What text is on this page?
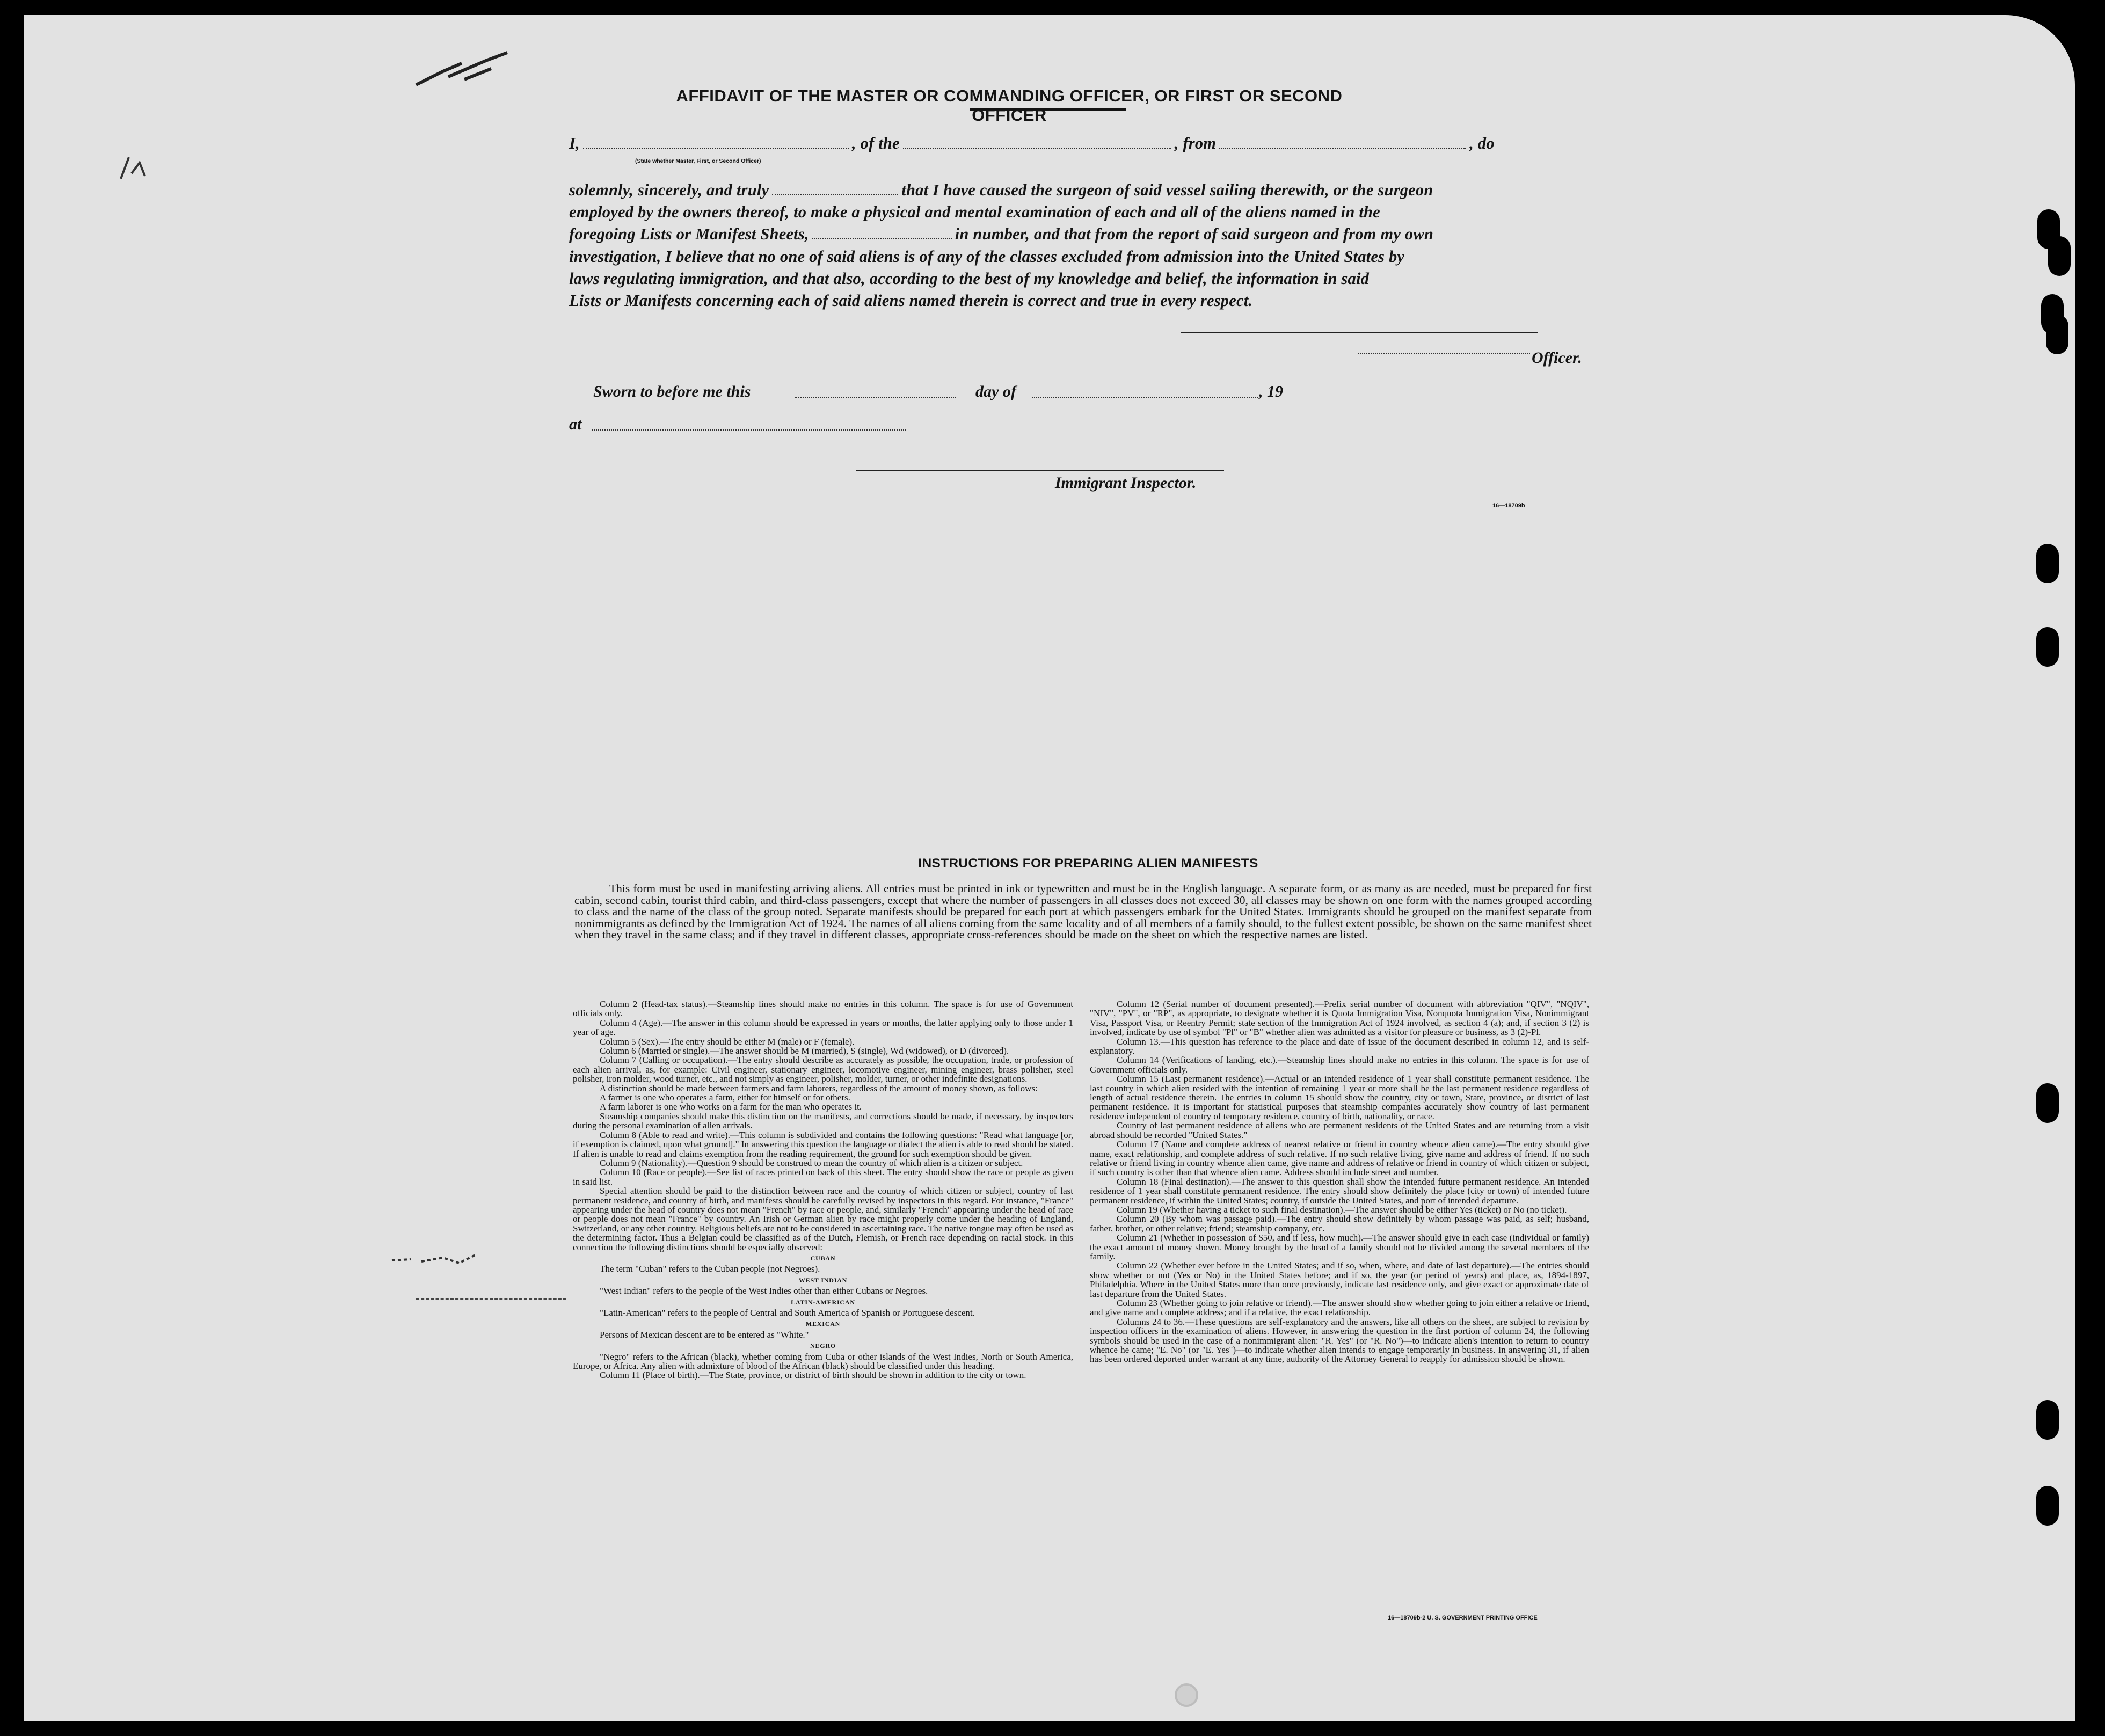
AFFIDAVIT OF THE MASTER OR COMMANDING OFFICER, OR FIRST OR SECOND OFFICER
I,	, of the	, from	, do
(State whether Master, First, or Second Officer)
solemnly, sincerely, and truly	that I have caused the surgeon of said vessel sailing therewith, or the surgeon
employed by the owners thereof, to make a physical and mental examination of each and all of the aliens named in the
foregoing Lists or Manifest Sheets,	in number, and that from the report of said surgeon and from my own
investigation, I believe that no one of said aliens is of any of the classes excluded from admission into the United States by
laws regulating immigration, and that also, according to the best of my knowledge and belief, the information in said
Lists or Manifests concerning each of said aliens named therein is correct and true in every respect.
Officer.
Sworn to before me this	day of	, 19
at
Immigrant Inspector.
16—18709b
INSTRUCTIONS FOR PREPARING ALIEN MANIFESTS
This form must be used in manifesting arriving aliens. All entries must be printed in ink or typewritten and must be in the English language. A separate form, or as many as are needed, must be prepared for first cabin, second cabin, tourist third cabin, and third-class passengers, except that where the number of passengers in all classes does not exceed 30, all classes may be shown on one form with the names grouped according to class and the name of the class of the group noted. Separate manifests should be prepared for each port at which passengers embark for the United States. Immigrants should be grouped on the manifest separate from nonimmigrants as defined by the Immigration Act of 1924. The names of all aliens coming from the same locality and of all members of a family should, to the fullest extent possible, be shown on the same manifest sheet when they travel in the same class; and if they travel in different classes, appropriate cross-references should be made on the sheet on which the respective names are listed.

Column 2 (Head-tax status).—Steamship lines should make no entries in this column. The space is for use of Government officials only.

Column 4 (Age).—The answer in this column should be expressed in years or months, the latter applying only to those under 1 year of age.

Column 5 (Sex).—The entry should be either M (male) or F (female).

Column 6 (Married or single).—The answer should be M (married), S (single), Wd (widowed), or D (divorced).

Column 7 (Calling or occupation).—The entry should describe as accurately as possible, the occupation, trade, or profession of each alien arrival, as, for example: Civil engineer, stationary engineer, locomotive engineer, mining engineer, brass polisher, steel polisher, iron molder, wood turner, etc., and not simply as engineer, polisher, molder, turner, or other indefinite designations.

A distinction should be made between farmers and farm laborers, regardless of the amount of money shown, as follows:

A farmer is one who operates a farm, either for himself or for others.

A farm laborer is one who works on a farm for the man who operates it.

Steamship companies should make this distinction on the manifests, and corrections should be made, if necessary, by inspectors during the personal examination of alien arrivals.

Column 8 (Able to read and write).—This column is subdivided and contains the following questions: "Read what language [or, if exemption is claimed, upon what ground]." In answering this question the language or dialect the alien is able to read should be stated. If alien is unable to read and claims exemption from the reading requirement, the ground for such exemption should be given.

Column 9 (Nationality).—Question 9 should be construed to mean the country of which alien is a citizen or subject.

Column 10 (Race or people).—See list of races printed on back of this sheet. The entry should show the race or people as given in said list.

Special attention should be paid to the distinction between race and the country of which citizen or subject, country of last permanent residence, and country of birth, and manifests should be carefully revised by inspectors in this regard. For instance, "France" appearing under the head of country does not mean "French" by race or people, and, similarly "French" appearing under the head of race or people does not mean "France" by country. An Irish or German alien by race might properly come under the heading of England, Switzerland, or any other country. Religious beliefs are not to be considered in ascertaining race. The native tongue may often be used as the determining factor. Thus a Belgian could be classified as of the Dutch, Flemish, or French race depending on racial stock. In this connection the following distinctions should be especially observed:

CUBAN

The term "Cuban" refers to the Cuban people (not Negroes).

WEST INDIAN

"West Indian" refers to the people of the West Indies other than either Cubans or Negroes.

LATIN-AMERICAN

"Latin-American" refers to the people of Central and South America of Spanish or Portuguese descent.

MEXICAN

Persons of Mexican descent are to be entered as "White."

NEGRO

"Negro" refers to the African (black), whether coming from Cuba or other islands of the West Indies, North or South America, Europe, or Africa. Any alien with admixture of blood of the African (black) should be classified under this heading.

Column 11 (Place of birth).—The State, province, or district of birth should be shown in addition to the city or town.

Column 12 (Serial number of document presented).—Prefix serial number of document with abbreviation "QIV", "NQIV", "NIV", "PV", or "RP", as appropriate, to designate whether it is Quota Immigration Visa, Nonquota Immigration Visa, Nonimmigrant Visa, Passport Visa, or Reentry Permit; state section of the Immigration Act of 1924 involved, as section 4 (a); and, if section 3 (2) is involved, indicate by use of symbol "Pl" or "B" whether alien was admitted as a visitor for pleasure or business, as 3 (2)-Pl.

Column 13.—This question has reference to the place and date of issue of the document described in column 12, and is self-explanatory.

Column 14 (Verifications of landing, etc.).—Steamship lines should make no entries in this column. The space is for use of Government officials only.

Column 15 (Last permanent residence).—Actual or an intended residence of 1 year shall constitute permanent residence. The last country in which alien resided with the intention of remaining 1 year or more shall be the last permanent residence regardless of length of actual residence therein. The entries in column 15 should show the country, city or town, State, province, or district of last permanent residence. It is important for statistical purposes that steamship companies accurately show country of last permanent residence independent of country of temporary residence, country of birth, nationality, or race.

Country of last permanent residence of aliens who are permanent residents of the United States and are returning from a visit abroad should be recorded "United States."

Column 17 (Name and complete address of nearest relative or friend in country whence alien came).—The entry should give name, exact relationship, and complete address of such relative. If no such relative living, give name and address of friend. If no such relative or friend living in country whence alien came, give name and address of relative or friend in country of which citizen or subject, if such country is other than that whence alien came. Address should include street and number.

Column 18 (Final destination).—The answer to this question shall show the intended future permanent residence. An intended residence of 1 year shall constitute permanent residence. The entry should show definitely the place (city or town) of intended future permanent residence, if within the United States; country, if outside the United States, and port of intended departure.

Column 19 (Whether having a ticket to such final destination).—The answer should be either Yes (ticket) or No (no ticket).

Column 20 (By whom was passage paid).—The entry should show definitely by whom passage was paid, as self; husband, father, brother, or other relative; friend; steamship company, etc.

Column 21 (Whether in possession of $50, and if less, how much).—The answer should give in each case (individual or family) the exact amount of money shown. Money brought by the head of a family should not be divided among the several members of the family.

Column 22 (Whether ever before in the United States; and if so, when, where, and date of last departure).—The entries should show whether or not (Yes or No) in the United States before; and if so, the year (or period of years) and place, as, 1894-1897, Philadelphia. Where in the United States more than once previously, indicate last residence only, and give exact or approximate date of last departure from the United States.

Column 23 (Whether going to join relative or friend).—The answer should show whether going to join either a relative or friend, and give name and complete address; and if a relative, the exact relationship.

Columns 24 to 36.—These questions are self-explanatory and the answers, like all others on the sheet, are subject to revision by inspection officers in the examination of aliens. However, in answering the question in the first portion of column 24, the following symbols should be used in the case of a nonimmigrant alien: "R. Yes" (or "R. No")—to indicate alien's intention to return to country whence he came; "E. No" (or "E. Yes")—to indicate whether alien intends to engage temporarily in business. In answering 31, if alien has been ordered deported under warrant at any time, authority of the Attorney General to reapply for admission should be shown.

16—18709b-2 U. S. GOVERNMENT PRINTING OFFICE
